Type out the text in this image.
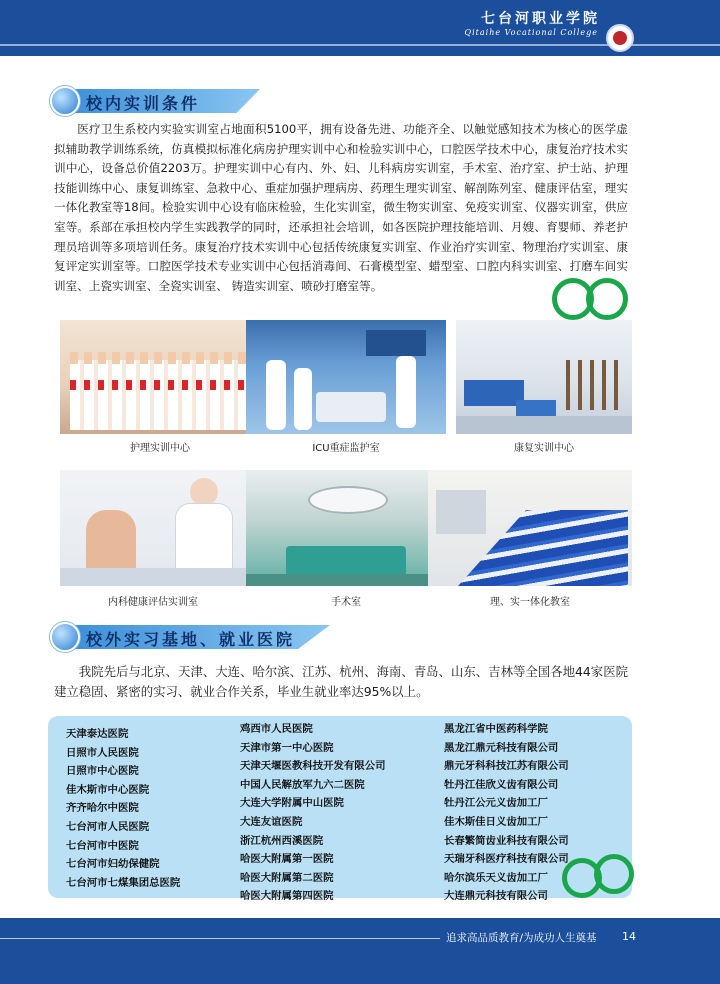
七台河职业学院
Qitaihe Vocational College
校内实训条件
医疗卫生系校内实验实训室占地面积5100平，拥有设备先进、功能齐全、以触觉感知技术为核心的医学虚拟辅助教学训练系统，仿真模拟标准化病房护理实训中心和检验实训中心，口腔医学技术中心，康复治疗技术实训中心，设备总价值2203万。护理实训中心有内、外、妇、儿科病房实训室，手术室、治疗室、护士站、护理技能训练中心、康复训练室、急救中心、重症加强护理病房、药理生理实训室、解剖陈列室、健康评估室，理实一体化教室等18间。检验实训中心设有临床检验，生化实训室，微生物实训室、免疫实训室、仪器实训室，供应室等。系部在承担校内学生实践教学的同时，还承担社会培训，如各医院护理技能培训、月嫂、育婴师、养老护理员培训等多项培训任务。康复治疗技术实训中心包括传统康复实训室、作业治疗实训室、物理治疗实训室、康复评定实训室等。口腔医学技术专业实训中心包括消毒间、石膏模型室、蜡型室、口腔内科实训室、打磨车间实训室、上瓷实训室、全瓷实训室、 铸造实训室、喷砂打磨室等。
护理实训中心	ICU重症监护室	康复实训中心
内科健康评估实训室	手术室	理、实一体化教室
校外实习基地、就业医院
我院先后与北京、天津、大连、哈尔滨、江苏、杭州、海南、青岛、山东、吉林等全国各地44家医院建立稳固、紧密的实习、就业合作关系，毕业生就业率达95%以上。
天津泰达医院
日照市人民医院
日照市中心医院
佳木斯市中心医院
齐齐哈尔中医院
七台河市人民医院
七台河市中医院
七台河市妇幼保健院
七台河市七煤集团总医院
鸡西市人民医院
天津市第一中心医院
天津天堰医教科技开发有限公司
中国人民解放军九六二医院
大连大学附属中山医院
大连友谊医院
浙江杭州西溪医院
哈医大附属第一医院
哈医大附属第二医院
哈医大附属第四医院
黑龙江省中医药科学院
黑龙江鼎元科技有限公司
鼎元牙科科技江苏有限公司
牡丹江佳欣义齿有限公司
牡丹江公元义齿加工厂
佳木斯佳日义齿加工厂
长春繁简齿业科技有限公司
天瑞牙科医疗科技有限公司
哈尔滨乐天义齿加工厂
大连鼎元科技有限公司
追求高品质教育/为成功人生奠基 14
